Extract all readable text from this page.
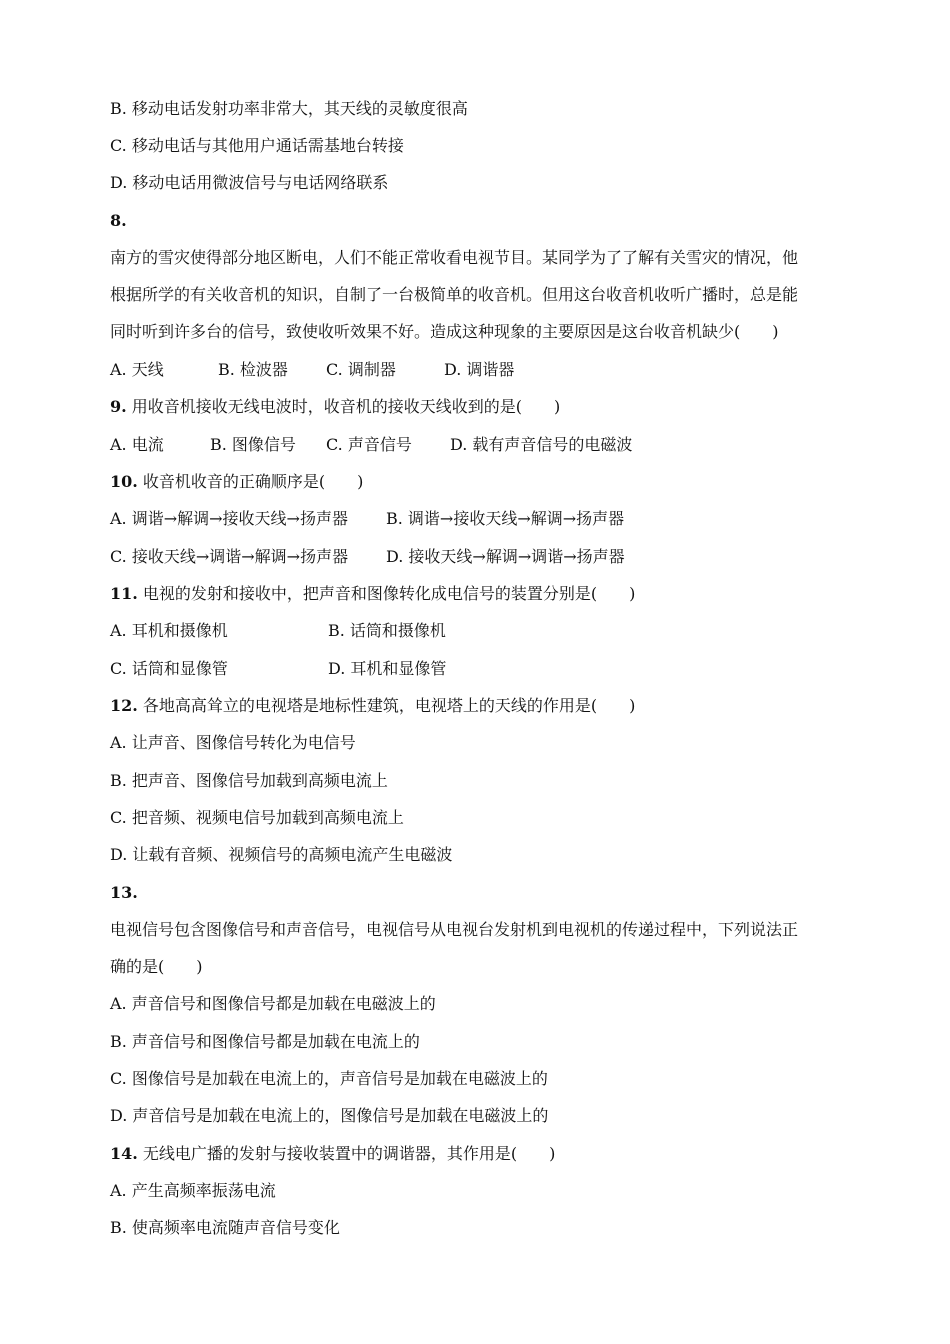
B. 移动电话发射功率非常大，其天线的灵敏度很高
C. 移动电话与其他用户通话需基地台转接
D. 移动电话用微波信号与电话网络联系
8.
南方的雪灾使得部分地区断电，人们不能正常收看电视节目。某同学为了了解有关雪灾的情况，他
根据所学的有关收音机的知识，自制了一台极简单的收音机。但用这台收音机收听广播时，总是能
同时听到许多台的信号，致使收听效果不好。造成这种现象的主要原因是这台收音机缺少(　　)
A. 天线	B. 检波器 C. 调制器	D. 调谐器
9. 用收音机接收无线电波时，收音机的接收天线收到的是(　　)
A. 电流	B. 图像信号 C. 声音信号 D. 载有声音信号的电磁波
10. 收音机收音的正确顺序是(　　)
A. 调谐→解调→接收天线→扬声器 B. 调谐→接收天线→解调→扬声器
C. 接收天线→调谐→解调→扬声器 D. 接收天线→解调→调谐→扬声器
11. 电视的发射和接收中，把声音和图像转化成电信号的装置分别是(　　)
A. 耳机和摄像机	B. 话筒和摄像机
C. 话筒和显像管	D. 耳机和显像管
12. 各地高高耸立的电视塔是地标性建筑，电视塔上的天线的作用是(　　)
A. 让声音、图像信号转化为电信号
B. 把声音、图像信号加载到高频电流上
C. 把音频、视频电信号加载到高频电流上
D. 让载有音频、视频信号的高频电流产生电磁波
13.
电视信号包含图像信号和声音信号，电视信号从电视台发射机到电视机的传递过程中，下列说法正
确的是(　　)
A. 声音信号和图像信号都是加载在电磁波上的
B. 声音信号和图像信号都是加载在电流上的
C. 图像信号是加载在电流上的，声音信号是加载在电磁波上的
D. 声音信号是加载在电流上的，图像信号是加载在电磁波上的
14. 无线电广播的发射与接收装置中的调谐器，其作用是(　　)
A. 产生高频率振荡电流
B. 使高频率电流随声音信号变化
